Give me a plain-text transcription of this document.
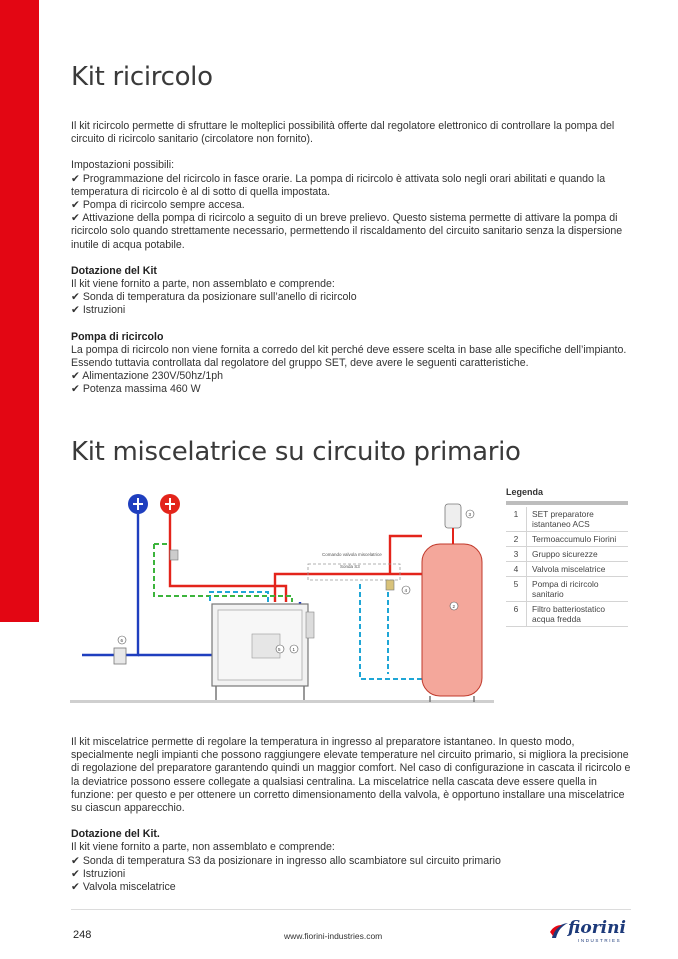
Kit ricircolo

Il kit ricircolo permette di sfruttare le molteplici possibilità offerte dal regolatore elettronico di controllare la pompa del circuito di ricircolo sanitario (circolatore non fornito).

Impostazioni possibili:

✔ Programmazione del ricircolo in fasce orarie. La pompa di ricircolo è attivata solo negli orari abilitati e quando la temperatura di ricircolo è al di sotto di quella impostata.

✔ Pompa di ricircolo sempre accesa.

✔ Attivazione della pompa di ricircolo a seguito di un breve prelievo. Questo sistema permette di attivare la pompa di ricircolo solo quando strettamente necessario, permettendo il riscaldamento del circuito sanitario senza la dispersione inutile di acqua potabile.

Dotazione del Kit

Il kit viene fornito a parte, non assemblato e comprende:

✔ Sonda di temperatura da posizionare sull’anello di ricircolo

✔ Istruzioni

Pompa di ricircolo

La pompa di ricircolo non viene fornita a corredo del kit perché deve essere scelta in base alle specifiche dell’impianto.

Essendo tuttavia controllata dal regolatore del gruppo SET, deve avere le seguenti caratteristiche.

✔ Alimentazione 230V/50hz/1ph

✔ Potenza massima 460 W

Kit miscelatrice su circuito primario
Comando valvola miscelatrice
Sonda S3
5	1
2
3
4
6
Legenda
1	SET preparatore istantaneo ACS
2	Termoaccumulo Fiorini
3	Gruppo sicurezze
4	Valvola miscelatrice
5	Pompa di ricircolo sanitario
6	Filtro batteriostatico acqua fredda

Il kit miscelatrice permette di regolare la temperatura in ingresso al preparatore istantaneo. In questo modo, specialmente negli impianti che possono raggiungere elevate temperature nel circuito primario, si migliora la precisione di regolazione del preparatore garantendo quindi un maggior comfort. Nel caso di configurazione in cascata il ricircolo e la deviatrice possono essere collegate a qualsiasi centralina. La miscelatrice nella cascata deve essere quella in funzione: per questo e per ottenere un corretto dimensionamento della valvola, è opportuno installare una miscelatrice su ciascun apparecchio.

Dotazione del Kit.

Il kit viene fornito a parte, non assemblato e comprende:

✔ Sonda di temperatura S3 da posizionare in ingresso allo scambiatore sul circuito primario

✔ Istruzioni

✔ Valvola miscelatrice

248	www.fiorini-industries.com	fiorini
INDUSTRIES
